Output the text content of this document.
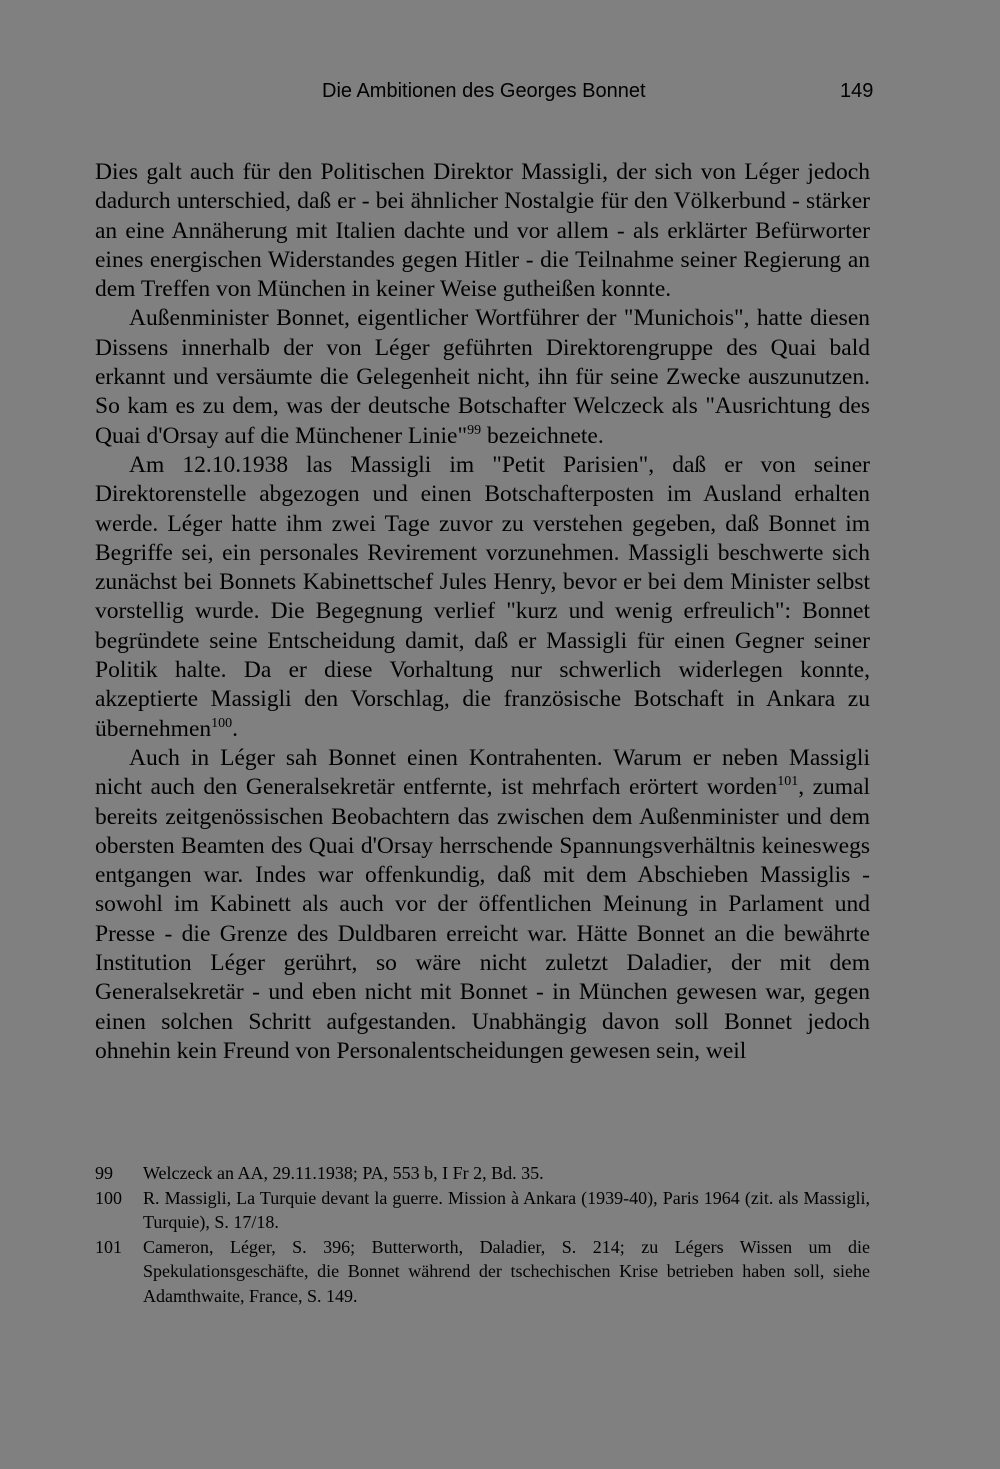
Die Ambitionen des Georges Bonnet	149

Dies galt auch für den Politischen Direktor Massigli, der sich von Léger jedoch dadurch unterschied, daß er - bei ähnlicher Nostalgie für den Völkerbund - stärker an eine Annäherung mit Italien dachte und vor allem - als erklärter Befürworter eines energischen Widerstandes gegen Hitler - die Teilnahme seiner Regierung an dem Treffen von München in keiner Weise gutheißen konnte.

Außenminister Bonnet, eigentlicher Wortführer der "Munichois", hatte diesen Dissens innerhalb der von Léger geführten Direktorengruppe des Quai bald erkannt und versäumte die Gelegenheit nicht, ihn für seine Zwecke auszunutzen. So kam es zu dem, was der deutsche Botschafter Welczeck als "Ausrichtung des Quai d'Orsay auf die Münchener Linie"$^{99}$ bezeichnete.

Am 12.10.1938 las Massigli im "Petit Parisien", daß er von seiner Direktorenstelle abgezogen und einen Botschafterposten im Ausland erhalten werde. Léger hatte ihm zwei Tage zuvor zu verstehen gegeben, daß Bonnet im Begriffe sei, ein personales Revirement vorzunehmen. Massigli beschwerte sich zunächst bei Bonnets Kabinettschef Jules Henry, bevor er bei dem Minister selbst vorstellig wurde. Die Begegnung verlief "kurz und wenig erfreulich": Bonnet begründete seine Entscheidung damit, daß er Massigli für einen Gegner seiner Politik halte. Da er diese Vorhaltung nur schwerlich widerlegen konnte, akzeptierte Massigli den Vorschlag, die französische Botschaft in Ankara zu übernehmen$^{100}$.

Auch in Léger sah Bonnet einen Kontrahenten. Warum er neben Massigli nicht auch den Generalsekretär entfernte, ist mehrfach erörtert worden$^{101}$, zumal bereits zeitgenössischen Beobachtern das zwischen dem Außenminister und dem obersten Beamten des Quai d'Orsay herrschende Spannungsverhältnis keineswegs entgangen war. Indes war offenkundig, daß mit dem Abschieben Massiglis - sowohl im Kabinett als auch vor der öffentlichen Meinung in Parlament und Presse - die Grenze des Duldbaren erreicht war. Hätte Bonnet an die bewährte Institution Léger gerührt, so wäre nicht zuletzt Daladier, der mit dem Generalsekretär - und eben nicht mit Bonnet - in München gewesen war, gegen einen solchen Schritt aufgestanden. Unabhängig davon soll Bonnet jedoch ohnehin kein Freund von Personalentscheidungen gewesen sein, weil

99	Welczeck an AA, 29.11.1938; PA, 553 b, I Fr 2, Bd. 35.
100	R. Massigli, La Turquie devant la guerre. Mission à Ankara (1939-40), Paris 1964 (zit. als Massigli, Turquie), S. 17/18.
101	Cameron, Léger, S. 396; Butterworth, Daladier, S. 214; zu Légers Wissen um die Spekulationsgeschäfte, die Bonnet während der tschechischen Krise betrieben haben soll, siehe Adamthwaite, France, S. 149.
